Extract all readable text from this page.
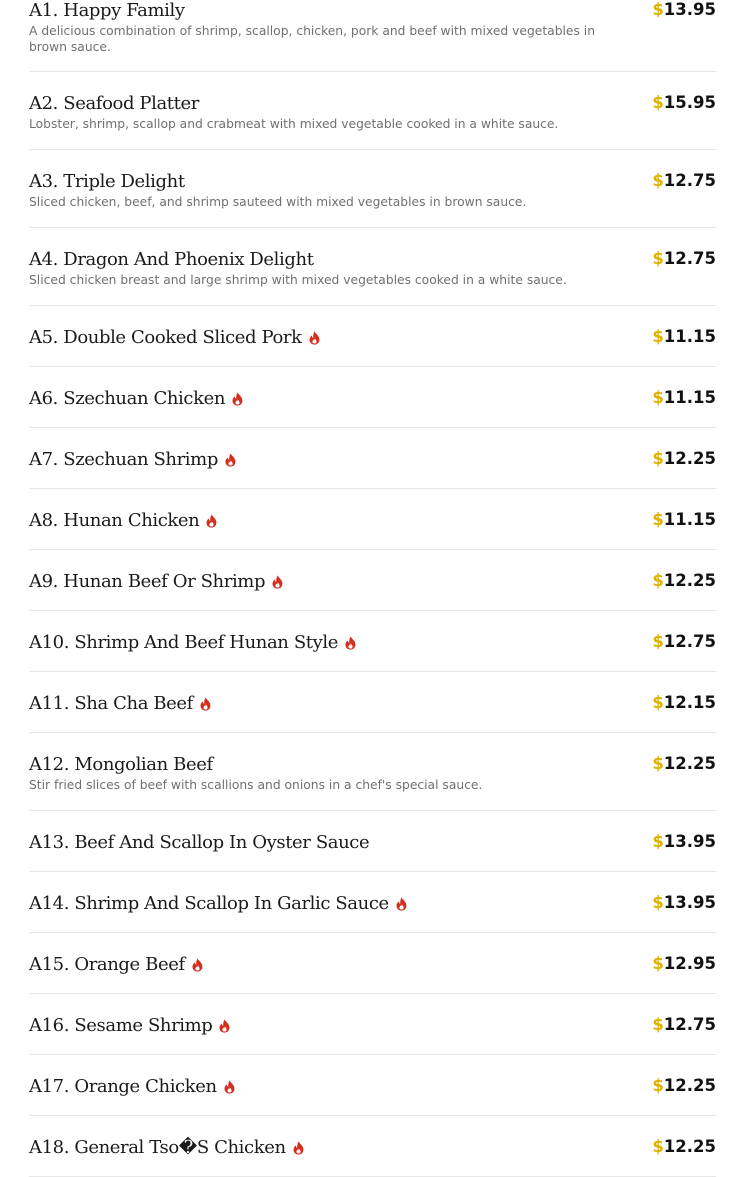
A1. Happy Family
A delicious combination of shrimp, scallop, chicken, pork and beef with mixed vegetables in brown sauce.
$13.95
A2. Seafood Platter
Lobster, shrimp, scallop and crabmeat with mixed vegetable cooked in a white sauce.
$15.95
A3. Triple Delight
Sliced chicken, beef, and shrimp sauteed with mixed vegetables in brown sauce.
$12.75
A4. Dragon And Phoenix Delight
Sliced chicken breast and large shrimp with mixed vegetables cooked in a white sauce.
$12.75
A5. Double Cooked Sliced Pork	$11.15
A6. Szechuan Chicken	$11.15
A7. Szechuan Shrimp	$12.25
A8. Hunan Chicken	$11.15
A9. Hunan Beef Or Shrimp	$12.25
A10. Shrimp And Beef Hunan Style	$12.75
A11. Sha Cha Beef	$12.15
A12. Mongolian Beef
Stir fried slices of beef with scallions and onions in a chef's special sauce.
$12.25
A13. Beef And Scallop In Oyster Sauce	$13.95
A14. Shrimp And Scallop In Garlic Sauce	$13.95
A15. Orange Beef	$12.95
A16. Sesame Shrimp	$12.75
A17. Orange Chicken	$12.25
A18. General Tso�S Chicken	$12.25
